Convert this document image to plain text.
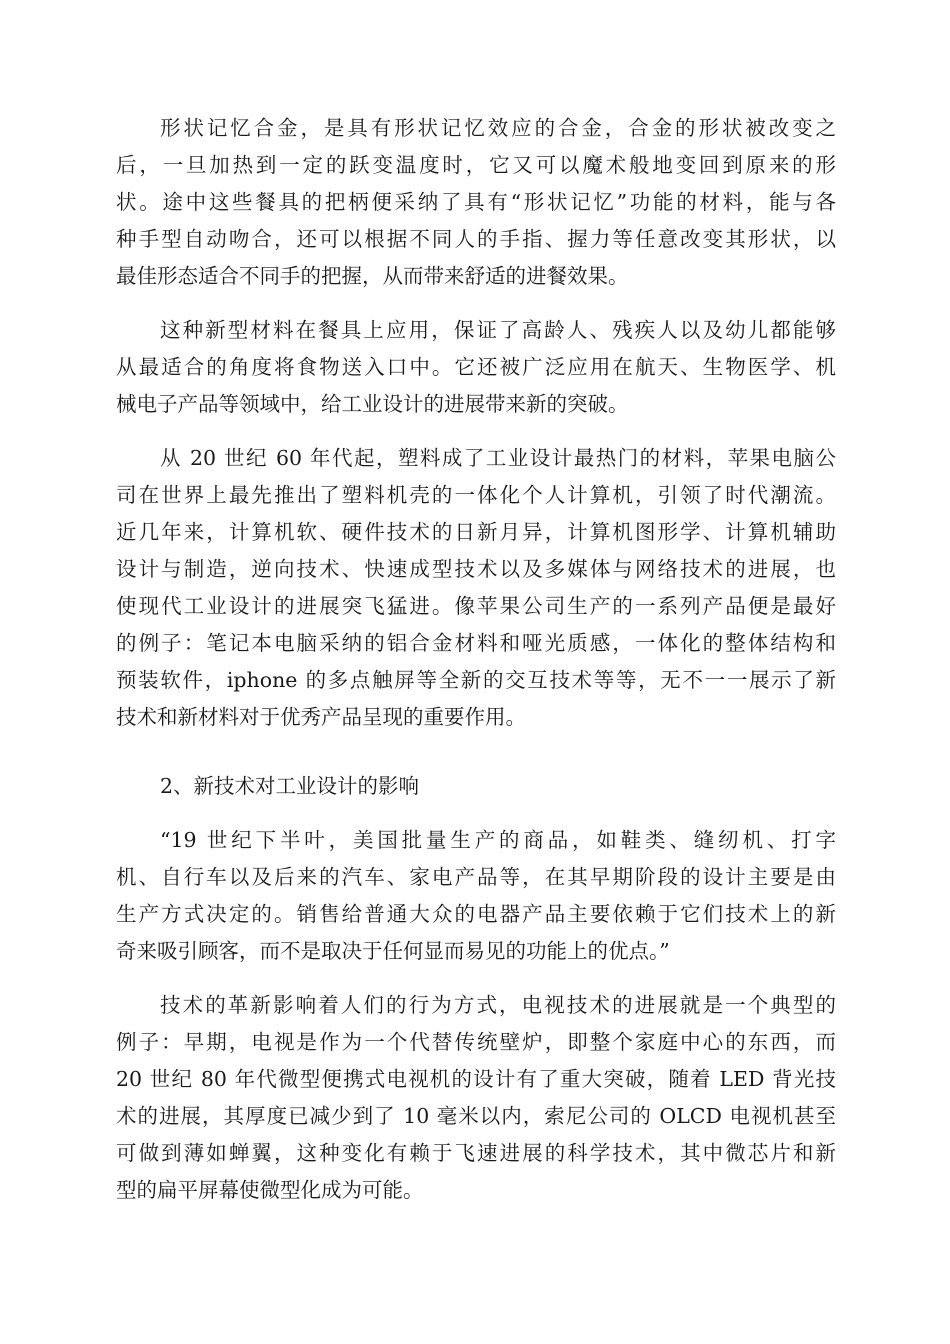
形状记忆合金，是具有形状记忆效应的合金，合金的形状被改变之
后，一旦加热到一定的跃变温度时，它又可以魔术般地变回到原来的形
状。途中这些餐具的把柄便采纳了具有“形状记忆”功能的材料，能与各
种手型自动吻合，还可以根据不同人的手指、握力等任意改变其形状，以
最佳形态适合不同手的把握，从而带来舒适的进餐效果。
这种新型材料在餐具上应用，保证了高龄人、残疾人以及幼儿都能够
从最适合的角度将食物送入口中。它还被广泛应用在航天、生物医学、机
械电子产品等领域中，给工业设计的进展带来新的突破。
从 20 世纪 60 年代起，塑料成了工业设计最热门的材料，苹果电脑公
司在世界上最先推出了塑料机壳的一体化个人计算机，引领了时代潮流。
近几年来，计算机软、硬件技术的日新月异，计算机图形学、计算机辅助
设计与制造，逆向技术、快速成型技术以及多媒体与网络技术的进展，也
使现代工业设计的进展突飞猛进。像苹果公司生产的一系列产品便是最好
的例子：笔记本电脑采纳的铝合金材料和哑光质感，一体化的整体结构和
预装软件，iphone 的多点触屏等全新的交互技术等等，无不一一展示了新
技术和新材料对于优秀产品呈现的重要作用。
2、新技术对工业设计的影响
“19 世纪下半叶，美国批量生产的商品，如鞋类、缝纫机、打字
机、自行车以及后来的汽车、家电产品等，在其早期阶段的设计主要是由
生产方式决定的。销售给普通大众的电器产品主要依赖于它们技术上的新
奇来吸引顾客，而不是取决于任何显而易见的功能上的优点。”
技术的革新影响着人们的行为方式，电视技术的进展就是一个典型的
例子：早期，电视是作为一个代替传统壁炉，即整个家庭中心的东西，而
20 世纪 80 年代微型便携式电视机的设计有了重大突破，随着 LED 背光技
术的进展，其厚度已减少到了 10 毫米以内，索尼公司的 OLCD 电视机甚至
可做到薄如蝉翼，这种变化有赖于飞速进展的科学技术，其中微芯片和新
型的扁平屏幕使微型化成为可能。
